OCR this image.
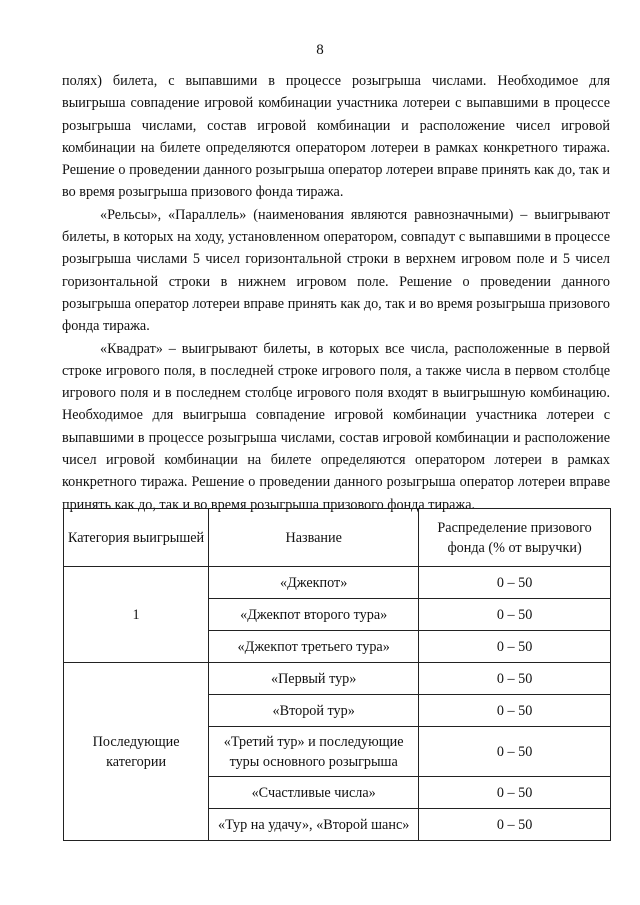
8

полях) билета, с выпавшими в процессе розыгрыша числами. Необходимое для выигрыша совпадение игровой комбинации участника лотереи с выпавшими в процессе розыгрыша числами, состав игровой комбинации и расположение чисел игровой комбинации на билете определяются оператором лотереи в рамках конкретного тиража. Решение о проведении данного розыгрыша оператор лотереи вправе принять как до, так и во время розыгрыша призового фонда тиража.

«Рельсы», «Параллель» (наименования являются равнозначными) – выигрывают билеты, в которых на ходу, установленном оператором, совпадут с выпавшими в процессе розыгрыша числами 5 чисел горизонтальной строки в верхнем игровом поле и 5 чисел горизонтальной строки в нижнем игровом поле. Решение о проведении данного розыгрыша оператор лотереи вправе принять как до, так и во время розыгрыша призового фонда тиража.

«Квадрат» – выигрывают билеты, в которых все числа, расположенные в первой строке игрового поля, в последней строке игрового поля, а также числа в первом столбце игрового поля и в последнем столбце игрового поля входят в выигрышную комбинацию. Необходимое для выигрыша совпадение игровой комбинации участника лотереи с выпавшими в процессе розыгрыша числами, состав игровой комбинации и расположение чисел игровой комбинации на билете определяются оператором лотереи в рамках конкретного тиража. Решение о проведении данного розыгрыша оператор лотереи вправе принять как до, так и во время розыгрыша призового фонда тиража.

Категория выигрышей	Название	Распределение призового фонда (% от выручки)
1	«Джекпот»	0 – 50
	«Джекпот второго тура»	0 – 50
	«Джекпот третьего тура»	0 – 50
Последующие категории	«Первый тур»	0 – 50
	«Второй тур»	0 – 50
	«Третий тур» и последующие туры основного розыгрыша	0 – 50
	«Счастливые числа»	0 – 50
	«Тур на удачу», «Второй шанс»	0 – 50
